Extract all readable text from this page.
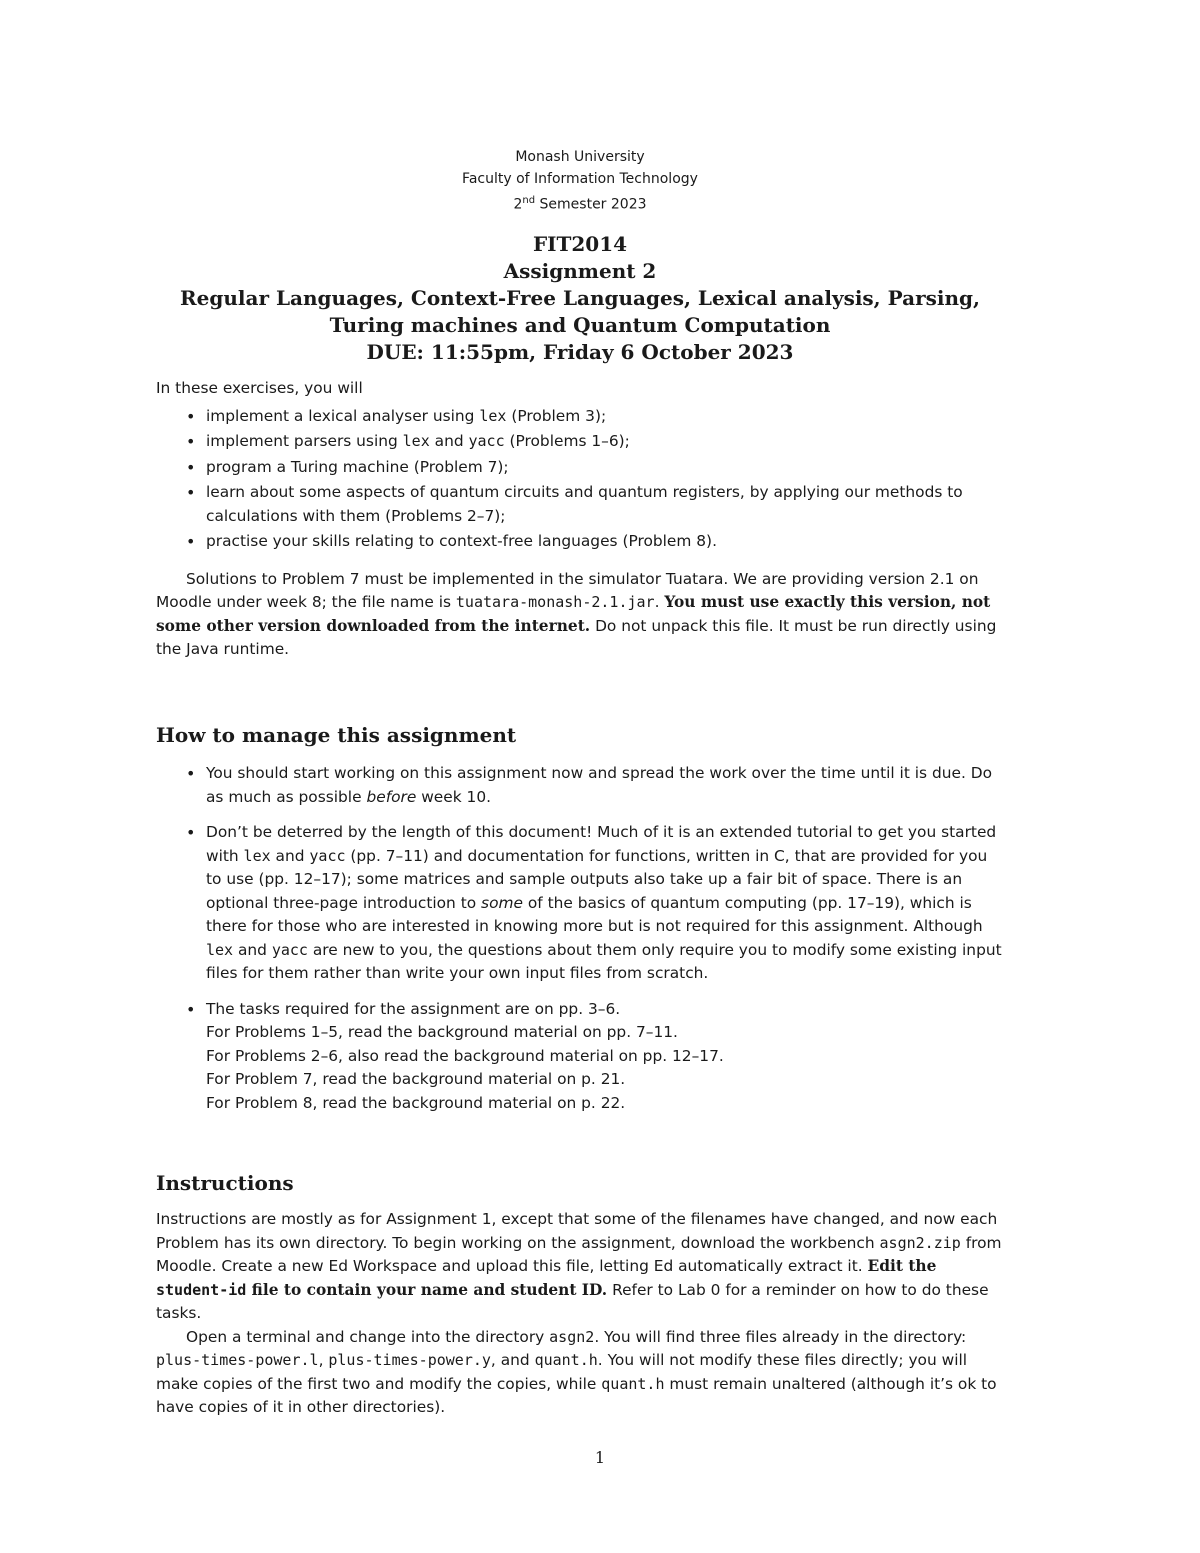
Monash University
Faculty of Information Technology
2nd Semester 2023
FIT2014
Assignment 2
Regular Languages, Context-Free Languages, Lexical analysis, Parsing,
Turing machines and Quantum Computation
DUE: 11:55pm, Friday 6 October 2023
In these exercises, you will
• implement a lexical analyser using lex (Problem 3);
• implement parsers using lex and yacc (Problems 1–6);
• program a Turing machine (Problem 7);
• learn about some aspects of quantum circuits and quantum registers, by applying our methods to calculations with them (Problems 2–7);
• practise your skills relating to context-free languages (Problem 8).
Solutions to Problem 7 must be implemented in the simulator Tuatara. We are providing version 2.1 on Moodle under week 8; the file name is tuatara-monash-2.1.jar. You must use exactly this version, not some other version downloaded from the internet. Do not unpack this file. It must be run directly using the Java runtime.
How to manage this assignment
• You should start working on this assignment now and spread the work over the time until it is due. Do as much as possible before week 10.
• Don’t be deterred by the length of this document! Much of it is an extended tutorial to get you started with lex and yacc (pp. 7–11) and documentation for functions, written in C, that are provided for you to use (pp. 12–17); some matrices and sample outputs also take up a fair bit of space. There is an optional three-page introduction to some of the basics of quantum computing (pp. 17–19), which is there for those who are interested in knowing more but is not required for this assignment. Although lex and yacc are new to you, the questions about them only require you to modify some existing input files for them rather than write your own input files from scratch.
• The tasks required for the assignment are on pp. 3–6.
For Problems 1–5, read the background material on pp. 7–11.
For Problems 2–6, also read the background material on pp. 12–17.
For Problem 7, read the background material on p. 21.
For Problem 8, read the background material on p. 22.
Instructions
Instructions are mostly as for Assignment 1, except that some of the filenames have changed, and now each Problem has its own directory. To begin working on the assignment, download the workbench asgn2.zip from Moodle. Create a new Ed Workspace and upload this file, letting Ed automatically extract it. Edit the student-id file to contain your name and student ID. Refer to Lab 0 for a reminder on how to do these tasks.
Open a terminal and change into the directory asgn2. You will find three files already in the directory: plus-times-power.l, plus-times-power.y, and quant.h. You will not modify these files directly; you will make copies of the first two and modify the copies, while quant.h must remain unaltered (although it’s ok to have copies of it in other directories).
1
